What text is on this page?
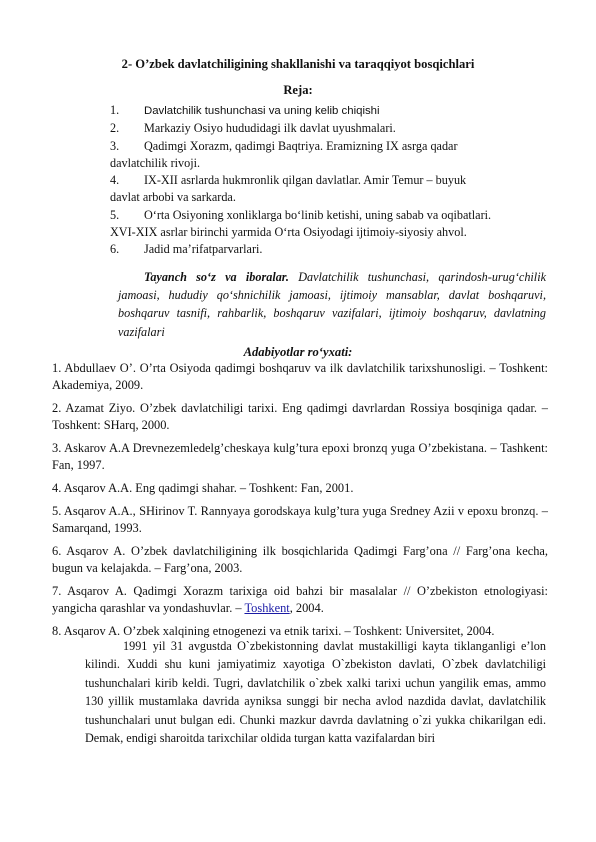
2- O’zbek davlatchiligining shakllanishi va taraqqiyot bosqichlari
Reja:
1. Davlatchilik tushunchasi va uning kelib chiqishi
2. Markaziy Osiyo hududidagi ilk davlat uyushmalari.
3. Qadimgi Xorazm, qadimgi Baqtriya. Eramizning IX asrga qadar
davlatchilik rivoji.
4. IX-XII asrlarda hukmronlik qilgan davlatlar. Amir Temur – buyuk
davlat arbobi va sarkarda.
5. O‘rta Osiyoning xonliklarga bo‘linib ketishi, uning sabab va oqibatlari.
XVI-XIX asrlar birinchi yarmida O‘rta Osiyodagi ijtimoiy-siyosiy ahvol.
6. Jadid ma’rifatparvarlari.
Tayanch so‘z va iboralar. Davlatchilik tushunchasi, qarindosh-urug‘chilik jamoasi, hududiy qo‘shnichilik jamoasi, ijtimoiy mansablar, davlat boshqaruvi, boshqaruv tasnifi, rahbarlik, boshqaruv vazifalari, ijtimoiy boshqaruv, davlatning vazifalari
Adabiyotlar ro‘yxati:
1. Abdullaev O’. O’rta Osiyoda qadimgi boshqaruv va ilk davlatchilik tarixshunosligi. – Toshkent: Akademiya, 2009.
2. Azamat Ziyo. O’zbek davlatchiligi tarixi. Eng qadimgi davrlardan Rossiya bosqiniga qadar. – Toshkent: SHarq, 2000.
3. Askarov A.A Drevnezemledelg’cheskaya kulg’tura epoxi bronzq yuga O’zbekistana. – Tashkent: Fan, 1997.
4. Asqarov A.A. Eng qadimgi shahar. – Toshkent: Fan, 2001.
5. Asqarov A.A., SHirinov T. Rannyaya gorodskaya kulg’tura yuga Sredney Azii v epoxu bronzq. – Samarqand, 1993.
6. Asqarov A. O’zbek davlatchiligining ilk bosqichlarida Qadimgi Farg’ona // Farg’ona kecha, bugun va kelajakda. – Farg’ona, 2003.
7. Asqarov A. Qadimgi Xorazm tarixiga oid bahzi bir masalalar // O’zbekiston etnologiyasi: yangicha qarashlar va yondashuvlar. – Toshkent, 2004.
8. Asqarov A. O’zbek xalqining etnogenezi va etnik tarixi. – Toshkent: Universitet, 2004.
1991 yil 31 avgustda O`zbekistonning davlat mustakilligi kayta tiklanganligi e’lon kilindi. Xuddi shu kuni jamiyatimiz xayotiga O`zbekiston davlati, O`zbek davlatchiligi tushunchalari kirib keldi. Tugri, davlatchilik o`zbek xalki tarixi uchun yangilik emas, ammo 130 yillik mustamlaka davrida ayniksa sunggi bir necha avlod nazdida davlat, davlatchilik tushunchalari unut bulgan edi. Chunki mazkur davrda davlatning o`zi yukka chikarilgan edi. Demak, endigi sharoitda tarixchilar oldida turgan katta vazifalardan biri
